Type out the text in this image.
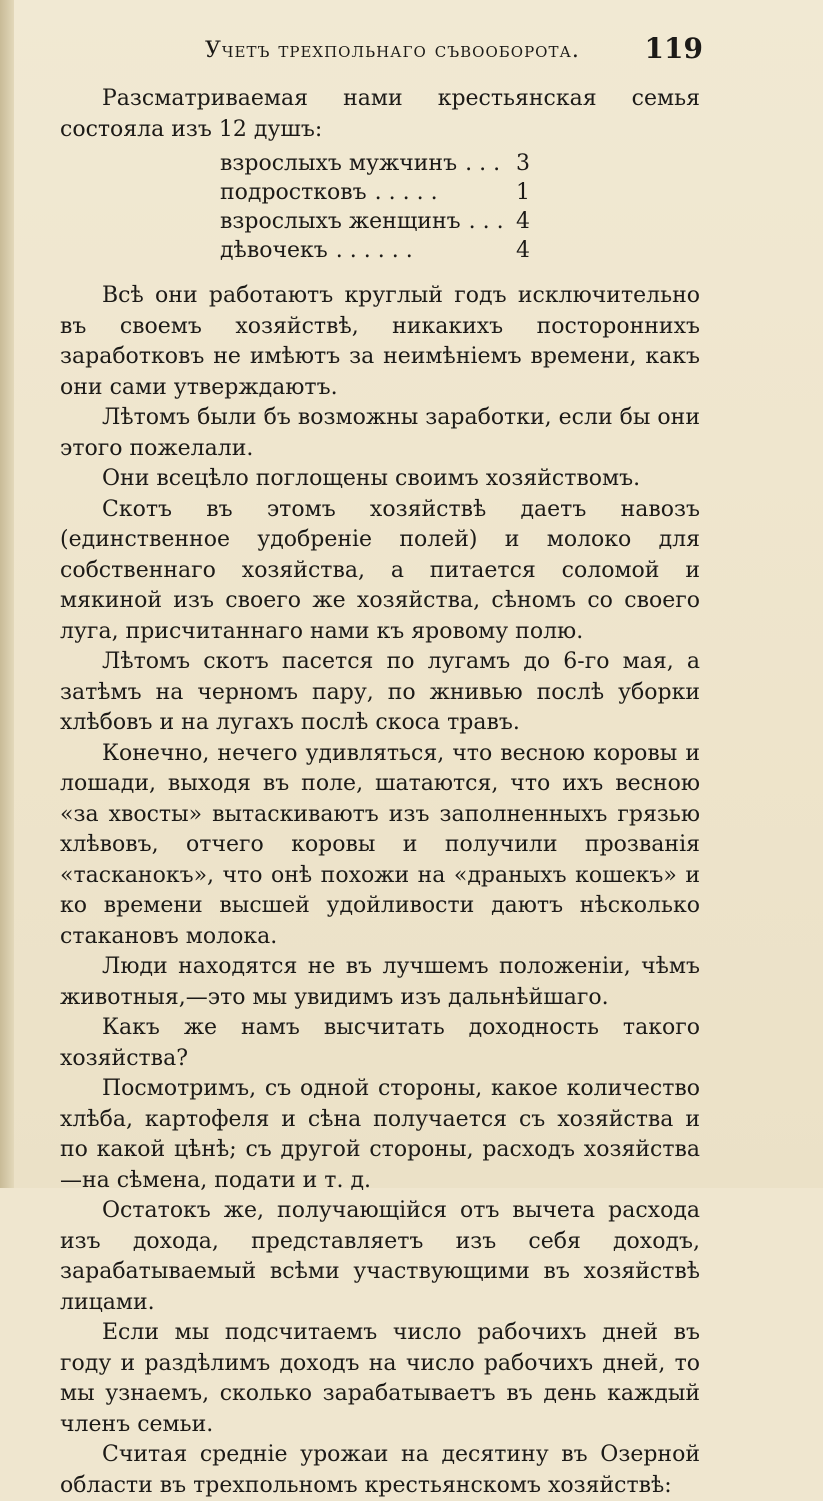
Учетъ трехпольнаго съвооборота.	119

Разсматриваемая нами крестьянская семья состояла изъ 12 душъ:

взрослыхъ мужчинъ . . . 3
подростковъ . . . . .	1
взрослыхъ женщинъ . . . 4
дѣвочекъ . . . . . .	4

Всѣ они работаютъ круглый годъ исключительно въ своемъ хозяйствѣ, никакихъ постороннихъ заработковъ не имѣютъ за неимѣніемъ времени, какъ они сами утверждаютъ.

Лѣтомъ были бъ возможны заработки, если бы они этого пожелали.

Они всецѣло поглощены своимъ хозяйствомъ.

Скотъ въ этомъ хозяйствѣ даетъ навозъ (единственное удобреніе полей) и молоко для собственнаго хозяйства, а питается соломой и мякиной изъ своего же хозяйства, сѣномъ со своего луга, присчитаннаго нами къ яровому полю.

Лѣтомъ скотъ пасется по лугамъ до 6-го мая, а затѣмъ на черномъ пару, по жнивью послѣ уборки хлѣбовъ и на лугахъ послѣ скоса травъ.

Конечно, нечего удивляться, что весною коровы и лошади, выходя въ поле, шатаются, что ихъ весною «за хвосты» вытаскиваютъ изъ заполненныхъ грязью хлѣвовъ, отчего коровы и получили прозванія «тасканокъ», что онѣ похожи на «драныхъ кошекъ» и ко времени высшей удойливости даютъ нѣсколько стакановъ молока.

Люди находятся не въ лучшемъ положеніи, чѣмъ животныя,—это мы увидимъ изъ дальнѣйшаго.

Какъ же намъ высчитать доходность такого хозяйства?

Посмотримъ, съ одной стороны, какое количество хлѣба, картофеля и сѣна получается съ хозяйства и по какой цѣнѣ; съ другой стороны, расходъ хозяйства—на сѣмена, подати и т. д.

Остатокъ же, получающійся отъ вычета расхода изъ дохода, представляетъ изъ себя доходъ, зарабатываемый всѣми участвующими въ хозяйствѣ лицами.

Если мы подсчитаемъ число рабочихъ дней въ году и раздѣлимъ доходъ на число рабочихъ дней, то мы узнаемъ, сколько зарабатываетъ въ день каждый членъ семьи.

Считая средніе урожаи на десятину въ Озерной области въ трехпольномъ крестьянскомъ хозяйствѣ:
